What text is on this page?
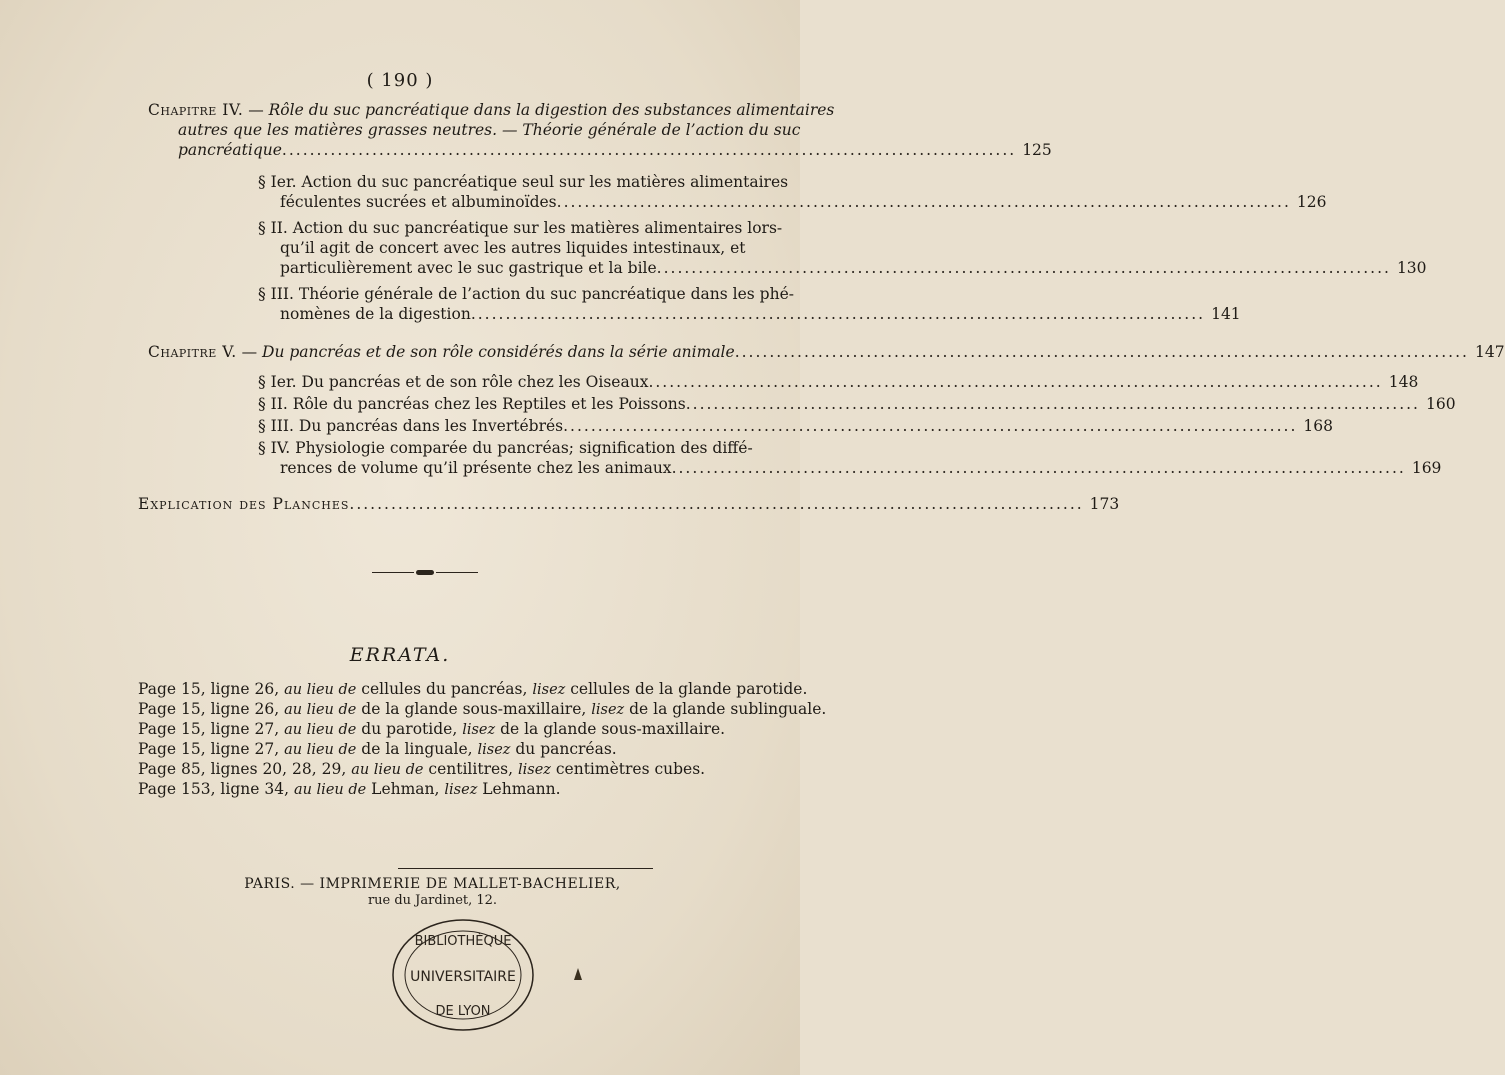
( 190 )
Chapitre IV. — Rôle du suc pancréatique dans la digestion des substances alimentaires
autres que les matières grasses neutres. — Théorie générale de l’action du suc
pancréatique .......................................................................................................... 125
§ Ier. Action du suc pancréatique seul sur les matières alimentaires
féculentes sucrées et albuminoïdes .......................................................................................................... 126
§ II. Action du suc pancréatique sur les matières alimentaires lors-
qu’il agit de concert avec les autres liquides intestinaux, et
particulièrement avec le suc gastrique et la bile .......................................................................................................... 130
§ III. Théorie générale de l’action du suc pancréatique dans les phé-
nomènes de la digestion .......................................................................................................... 141
Chapitre V. — Du pancréas et de son rôle considérés dans la série animale .......................................................................................................... 147
§ Ier. Du pancréas et de son rôle chez les Oiseaux .......................................................................................................... 148
§ II. Rôle du pancréas chez les Reptiles et les Poissons .......................................................................................................... 160
§ III. Du pancréas dans les Invertébrés .......................................................................................................... 168
§ IV. Physiologie comparée du pancréas; signification des diffé-
rences de volume qu’il présente chez les animaux .......................................................................................................... 169
Explication des Planches .......................................................................................................... 173
ERRATA.
Page 15, ligne 26, au lieu de cellules du pancréas, lisez cellules de la glande parotide.
Page 15, ligne 26, au lieu de de la glande sous-maxillaire, lisez de la glande sublinguale.
Page 15, ligne 27, au lieu de du parotide, lisez de la glande sous-maxillaire.
Page 15, ligne 27, au lieu de de la linguale, lisez du pancréas.
Page 85, lignes 20, 28, 29, au lieu de centilitres, lisez centimètres cubes.
Page 153, ligne 34, au lieu de Lehman, lisez Lehmann.
PARIS. — IMPRIMERIE DE MALLET-BACHELIER,
rue du Jardinet, 12.
BIBLIOTHÈQUE
UNIVERSITAIRE
DE LYON
